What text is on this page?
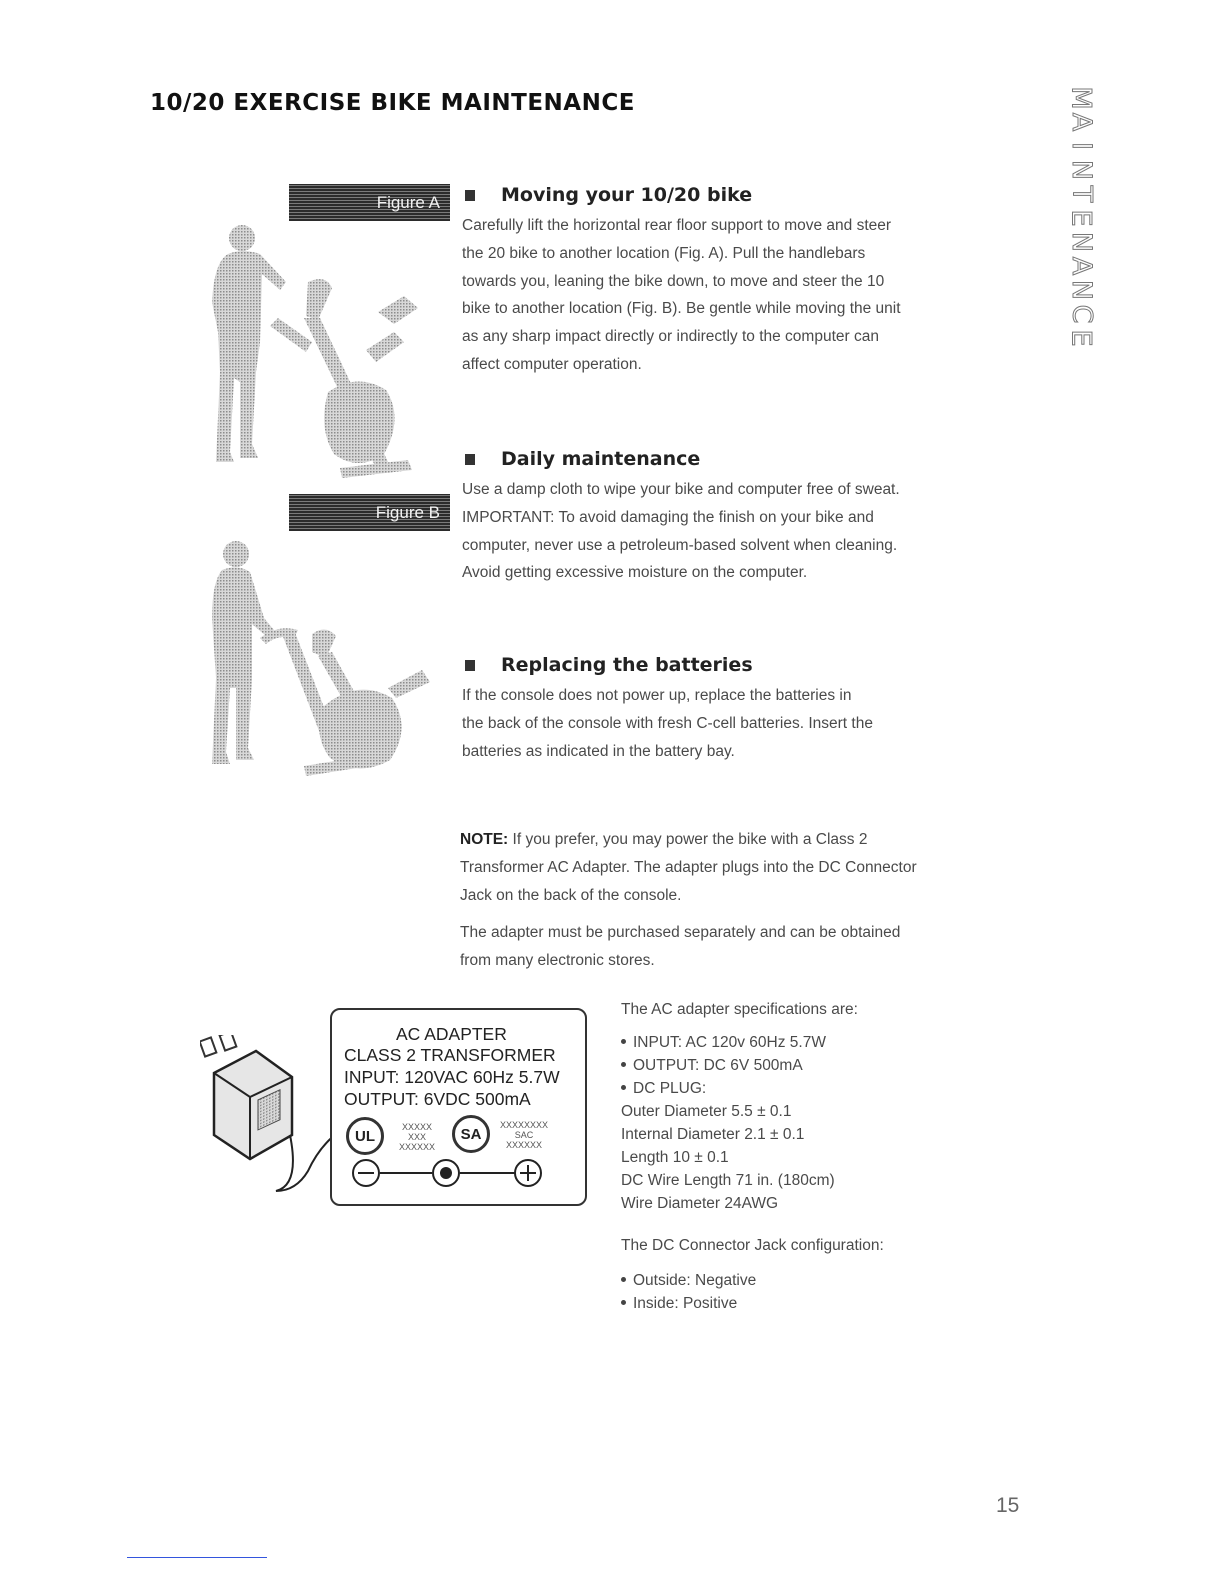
10/20 EXERCISE BIKE MAINTENANCE	M
A
I
N
T
E
N
A
N
C
E
Figure A
Figure B
Moving your 10/20 bike

Carefully lift the horizontal rear floor support to move and steer
the 20 bike to another location (Fig. A). Pull the handlebars
towards you, leaning the bike down, to move and steer the 10
bike to another location (Fig. B). Be gentle while moving the unit
as any sharp impact directly or indirectly to the computer can
affect computer operation.

Daily maintenance

Use a damp cloth to wipe your bike and computer free of sweat.
IMPORTANT: To avoid damaging the finish on your bike and
computer, never use a petroleum-based solvent when cleaning.
Avoid getting excessive moisture on the computer.

Replacing the batteries

If the console does not power up, replace the batteries in
the back of the console with fresh C-cell batteries. Insert the
batteries as indicated in the battery bay.

NOTE: If you prefer, you may power the bike with a Class 2
Transformer AC Adapter. The adapter plugs into the DC Connector
Jack on the back of the console.

The adapter must be purchased separately and can be obtained
from many electronic stores.

AC ADAPTER
CLASS 2 TRANSFORMER
INPUT: 120VAC 60Hz 5.7W
OUTPUT: 6VDC 500mA
UL
XXXXX
XXX
XXXXXX
SA
XXXXXXXX
SAC
XXXXXX

The AC adapter specifications are:

INPUT: AC 120v 60Hz 5.7W
OUTPUT: DC 6V 500mA
DC PLUG:

Outer Diameter 5.5 ± 0.1

Internal Diameter 2.1 ± 0.1

Length 10 ± 0.1

DC Wire Length 71 in. (180cm)

Wire Diameter 24AWG

The DC Connector Jack configuration:

Outside: Negative
Inside: Positive
15
